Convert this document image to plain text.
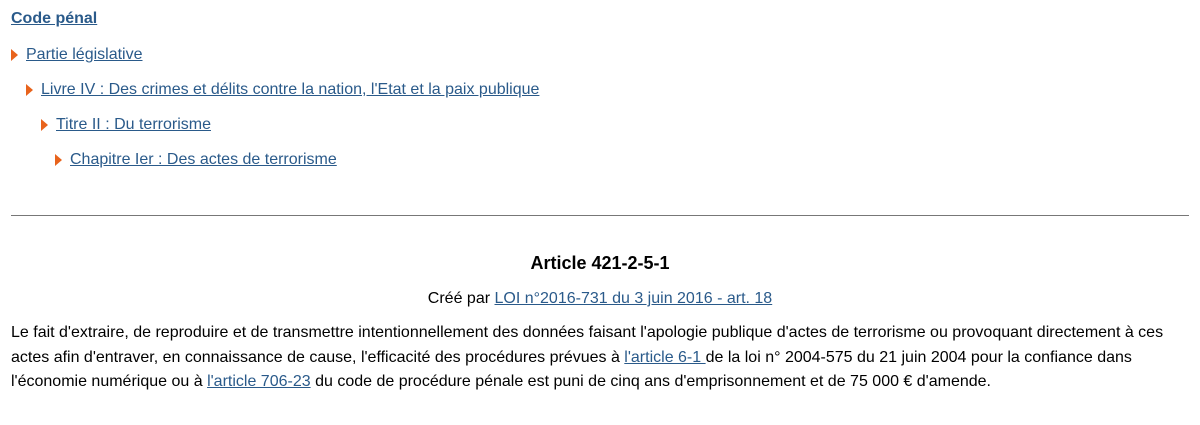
Code pénal
Partie législative
Livre IV : Des crimes et délits contre la nation, l'Etat et la paix publique
Titre II : Du terrorisme
Chapitre Ier : Des actes de terrorisme
Article 421-2-5-1
Créé par LOI n°2016-731 du 3 juin 2016 - art. 18
Le fait d'extraire, de reproduire et de transmettre intentionnellement des données faisant l'apologie publique d'actes de terrorisme ou provoquant directement à ces actes afin d'entraver, en connaissance de cause, l'efficacité des procédures prévues à l'article 6-1 de la loi n° 2004-575 du 21 juin 2004 pour la confiance dans l'économie numérique ou à l'article 706-23 du code de procédure pénale est puni de cinq ans d'emprisonnement et de 75 000 € d'amende.
